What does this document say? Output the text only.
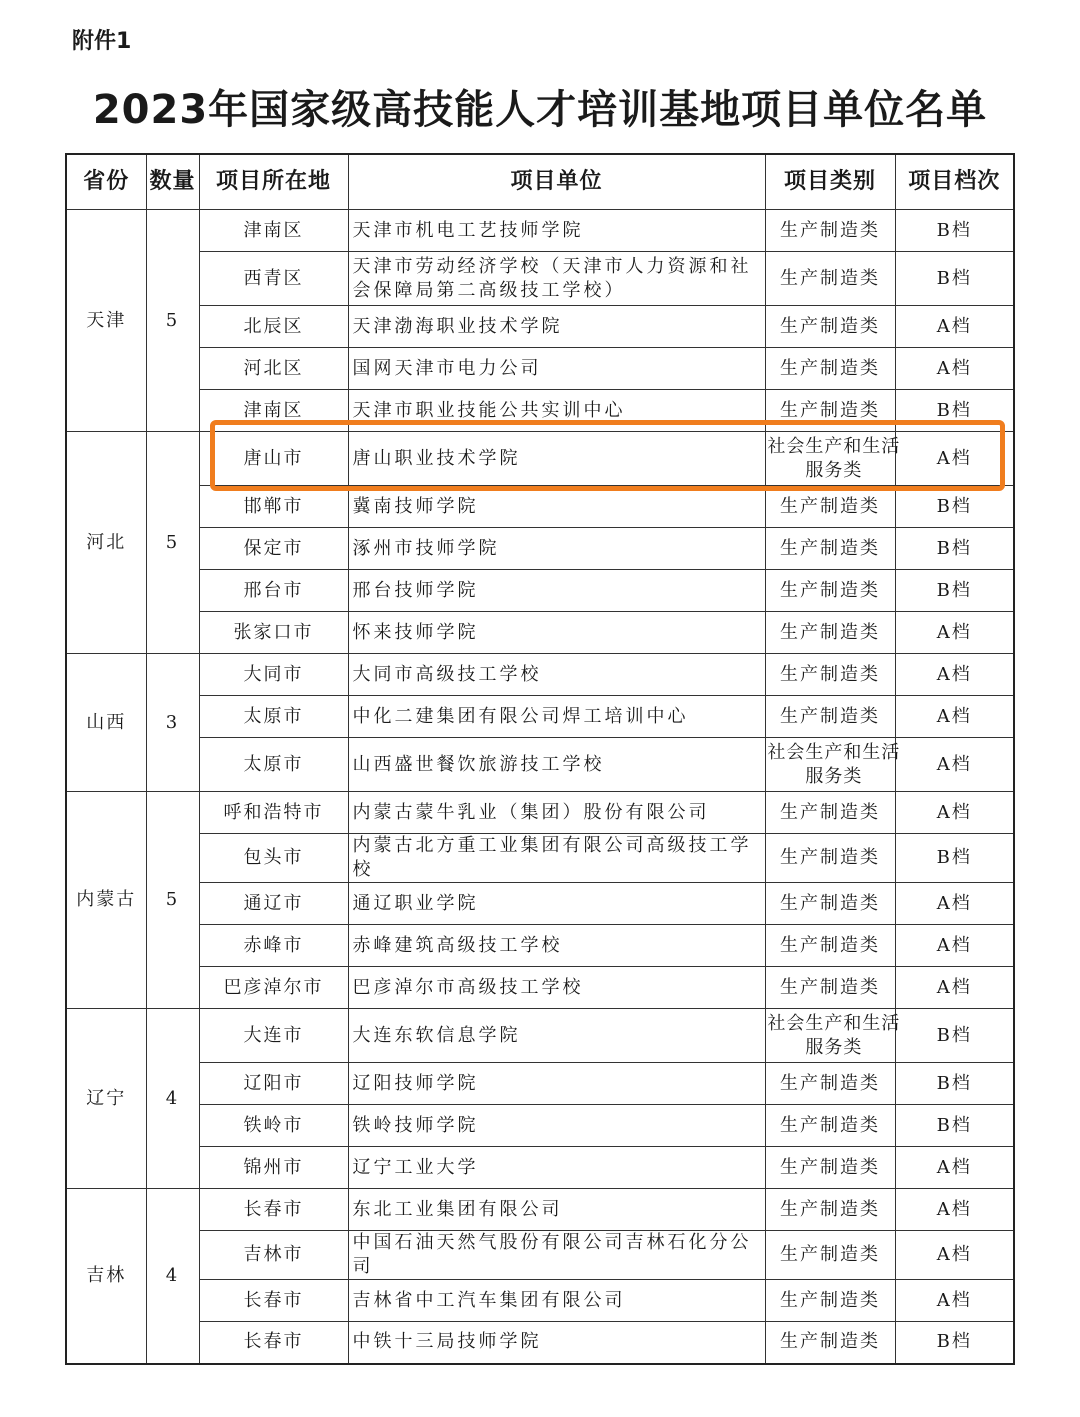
附件1
2023年国家级高技能人才培训基地项目单位名单
省份	数量	项目所在地	项目单位	项目类别	项目档次
天津	5	津南区	天津市机电工艺技师学院	生产制造类	B档
		西青区	天津市劳动经济学校（天津市人力资源和社会保障局第二高级技工学校）	生产制造类	B档
		北辰区	天津渤海职业技术学院	生产制造类	A档
		河北区	国网天津市电力公司	生产制造类	A档
		津南区	天津市职业技能公共实训中心	生产制造类	B档
河北	5	唐山市	唐山职业技术学院	社会生产和生活服务类	A档
		邯郸市	冀南技师学院	生产制造类	B档
		保定市	涿州市技师学院	生产制造类	B档
		邢台市	邢台技师学院	生产制造类	B档
		张家口市	怀来技师学院	生产制造类	A档
山西	3	大同市	大同市高级技工学校	生产制造类	A档
		太原市	中化二建集团有限公司焊工培训中心	生产制造类	A档
		太原市	山西盛世餐饮旅游技工学校	社会生产和生活服务类	A档
内蒙古	5	呼和浩特市	内蒙古蒙牛乳业（集团）股份有限公司	生产制造类	A档
		包头市	内蒙古北方重工业集团有限公司高级技工学校	生产制造类	B档
		通辽市	通辽职业学院	生产制造类	A档
		赤峰市	赤峰建筑高级技工学校	生产制造类	A档
		巴彦淖尔市	巴彦淖尔市高级技工学校	生产制造类	A档
辽宁	4	大连市	大连东软信息学院	社会生产和生活服务类	B档
		辽阳市	辽阳技师学院	生产制造类	B档
		铁岭市	铁岭技师学院	生产制造类	B档
		锦州市	辽宁工业大学	生产制造类	A档
吉林	4	长春市	东北工业集团有限公司	生产制造类	A档
		吉林市	中国石油天然气股份有限公司吉林石化分公司	生产制造类	A档
		长春市	吉林省中工汽车集团有限公司	生产制造类	A档
		长春市	中铁十三局技师学院	生产制造类	B档
